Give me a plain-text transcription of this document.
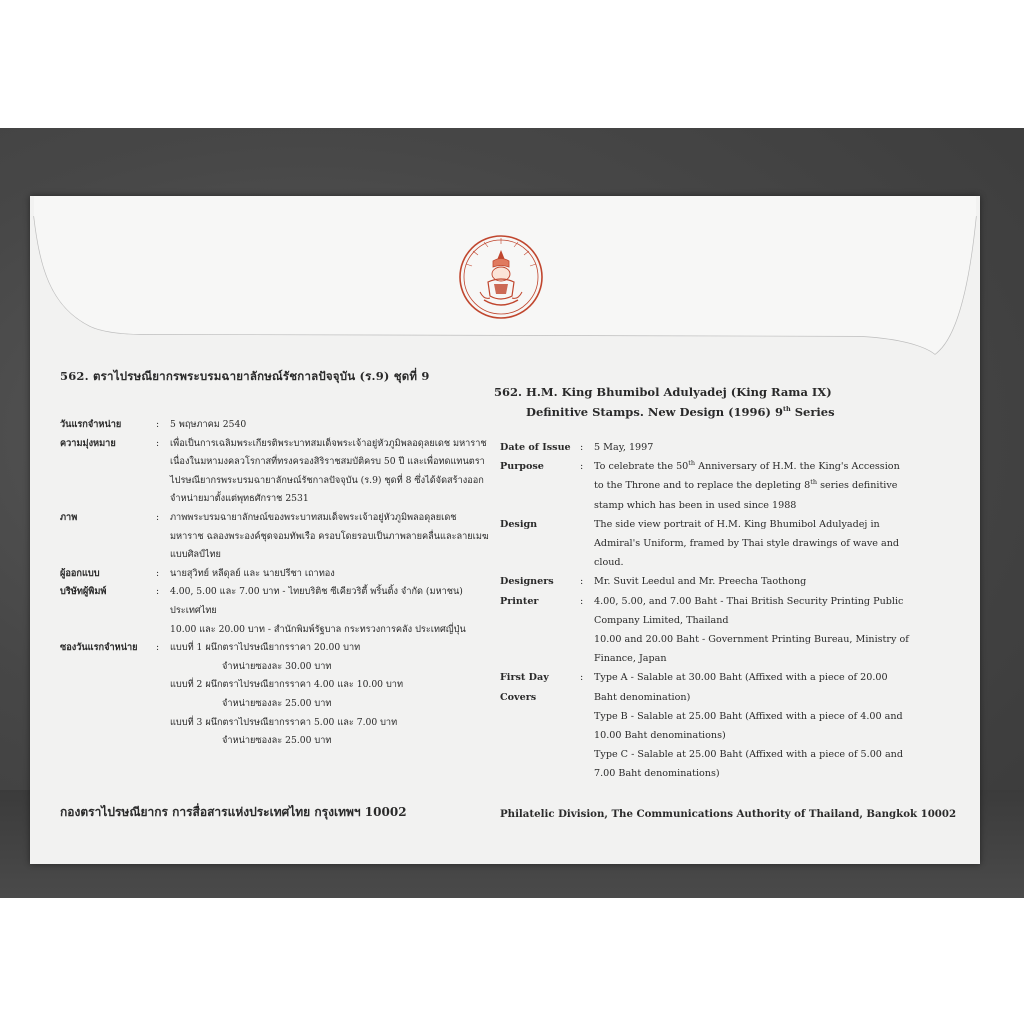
562. ตราไปรษณียากรพระบรมฉายาลักษณ์รัชกาลปัจจุบัน (ร.9) ชุดที่ 9
วันแรกจำหน่าย	:	5 พฤษภาคม 2540
ความมุ่งหมาย	:	เพื่อเป็นการเฉลิมพระเกียรติพระบาทสมเด็จพระเจ้าอยู่หัวภูมิพลอดุลยเดช มหาราช เนื่องในมหามงคลวโรกาสที่ทรงครองสิริราชสมบัติครบ 50 ปี และเพื่อทดแทนตราไปรษณียากรพระบรมฉายาลักษณ์รัชกาลปัจจุบัน (ร.9) ชุดที่ 8 ซึ่งได้จัดสร้างออกจำหน่ายมาตั้งแต่พุทธศักราช 2531
ภาพ	:	ภาพพระบรมฉายาลักษณ์ของพระบาทสมเด็จพระเจ้าอยู่หัวภูมิพลอดุลยเดช มหาราช ฉลองพระองค์ชุดจอมทัพเรือ ครอบโดยรอบเป็นภาพลายคลื่นและลายเมฆแบบศิลป์ไทย
ผู้ออกแบบ	:	นายสุวิทย์ หลีดุลย์ และ นายปรีชา เถาทอง
บริษัทผู้พิมพ์	:	4.00, 5.00 และ 7.00 บาท - ไทยบริติช ซีเคียวริตี้ พริ้นติ้ง จำกัด (มหาชน) ประเทศไทย
10.00 และ 20.00 บาท - สำนักพิมพ์รัฐบาล กระทรวงการคลัง ประเทศญี่ปุ่น
ซองวันแรกจำหน่าย	:	แบบที่ 1 ผนึกตราไปรษณียากรราคา 20.00 บาท
จำหน่ายซองละ 30.00 บาท
แบบที่ 2 ผนึกตราไปรษณียากรราคา 4.00 และ 10.00 บาท
จำหน่ายซองละ 25.00 บาท
แบบที่ 3 ผนึกตราไปรษณียากรราคา 5.00 และ 7.00 บาท
จำหน่ายซองละ 25.00 บาท
562. H.M. King Bhumibol Adulyadej (King Rama IX)
Definitive Stamps. New Design (1996) 9th Series
Date of Issue :	5 May, 1997
Purpose	:	To celebrate the 50th Anniversary of H.M. the King's Accession to the Throne and to replace the depleting 8th series definitive stamp which has been in used since 1988
Design	The side view portrait of H.M. King Bhumibol Adulyadej in Admiral's Uniform, framed by Thai style drawings of wave and cloud.
Designers	:	Mr. Suvit Leedul and Mr. Preecha Taothong
Printer	:	4.00, 5.00, and 7.00 Baht - Thai British Security Printing Public Company Limited, Thailand
10.00 and 20.00 Baht - Government Printing Bureau, Ministry of Finance, Japan
First Day Covers
:	Type A - Salable at 30.00 Baht (Affixed with a piece of 20.00 Baht denomination)
Type B - Salable at 25.00 Baht (Affixed with a piece of 4.00 and 10.00 Baht denominations)
Type C - Salable at 25.00 Baht (Affixed with a piece of 5.00 and 7.00 Baht denominations)
กองตราไปรษณียากร การสื่อสารแห่งประเทศไทย กรุงเทพฯ 10002	Philatelic Division, The Communications Authority of Thailand, Bangkok 10002
